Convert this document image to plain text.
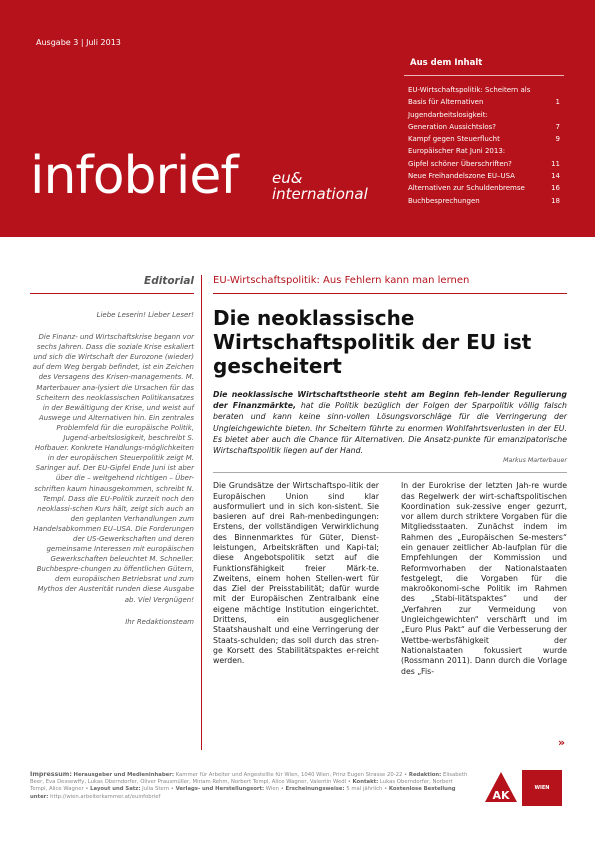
Ausgabe 3 | Juli 2013
infobrief eu&
international
Aus dem Inhalt
EU-Wirtschaftspolitik: Scheitern als
Basis für Alternativen	1
Jugendarbeitslosigkeit:
Generation Aussichtslos?	7
Kampf gegen Steuerflucht	9
Europäischer Rat Juni 2013:
Gipfel schöner Überschriften?	11
Neue Freihandelszone EU–USA	14
Alternativen zur Schuldenbremse	16
Buchbesprechungen	18
Editorial
Liebe Leserin! Lieber Leser!
Die Finanz- und Wirtschaftskrise begann vor sechs Jahren. Dass die soziale Krise eskaliert und sich die Wirtschaft der Eurozone (wieder) auf dem Weg bergab befindet, ist ein Zeichen des Versagens des Krisen-managements. M. Marterbauer ana-lysiert die Ursachen für das Scheitern des neoklassischen Politikansatzes in der Bewältigung der Krise, und weist auf Auswege und Alternativen hin. Ein zentrales Problemfeld für die europäische Politik, Jugend-arbeitslosigkeit, beschreibt S. Hofbauer. Konkrete Handlungs-möglichkeiten in der europäischen Steuerpolitik zeigt M. Saringer auf. Der EU-Gipfel Ende Juni ist aber über die – weitgehend richtigen – Über-schriften kaum hinausgekommen, schreibt N. Templ. Dass die EU-Politik zurzeit noch den neoklassi-schen Kurs hält, zeigt sich auch an den geplanten Verhandlungen zum Handelsabkommen EU–USA. Die Forderungen der US-Gewerkschaften und deren gemeinsame Interessen mit europäischen Gewerkschaften beleuchtet M. Schneller. Buchbespre-chungen zu öffentlichen Gütern, dem europäischen Betriebsrat und zum Mythos der Austerität runden diese Ausgabe ab. Viel Vergnügen!
Ihr Redaktionsteam
EU-Wirtschaftspolitik: Aus Fehlern kann man lernen
Die neoklassische Wirtschaftspolitik der EU ist gescheitert
Die neoklassische Wirtschaftstheorie steht am Beginn feh-lender Regulierung der Finanzmärkte, hat die Politik bezüglich der Folgen der Sparpolitik völlig falsch beraten und kann keine sinn-vollen Lösungsvorschläge für die Verringerung der Ungleichgewichte bieten. Ihr Scheitern führte zu enormen Wohlfahrtsverlusten in der EU. Es bietet aber auch die Chance für Alternativen. Die Ansatz-punkte für emanzipatorische Wirtschaftspolitik liegen auf der Hand.
Markus Marterbauer
Die Grundsätze der Wirtschaftspo-litik der Europäischen Union sind klar ausformuliert und in sich kon-sistent. Sie basieren auf drei Rah-menbedingungen: Erstens, der vollständigen Verwirklichung des Binnenmarktes für Güter, Dienst-leistungen, Arbeitskräften und Kapi-tal; diese Angebotspolitik setzt auf die Funktionsfähigkeit freier Märk-te. Zweitens, einem hohen Stellen-wert für das Ziel der Preisstabilität; dafür wurde mit der Europäischen Zentralbank eine eigene mächtige Institution eingerichtet. Drittens, ein ausgeglichener Staatshaushalt und eine Verringerung der Staats-schulden; das soll durch das stren-ge Korsett des Stabilitätspaktes er-reicht werden.
In der Eurokrise der letzten Jah-re wurde das Regelwerk der wirt-schaftspolitischen Koordination suk-zessive enger gezurrt, vor allem durch striktere Vorgaben für die Mitgliedsstaaten. Zunächst indem im Rahmen des „Europäischen Se-mesters“ ein genauer zeitlicher Ab-laufplan für die Empfehlungen der Kommission und Reformvorhaben der Nationalstaaten festgelegt, die Vorgaben für die makroökonomi-sche Politik im Rahmen des „Stabi-litätspaktes“ und der „Verfahren zur Vermeidung von Ungleichgewichten“ verschärft und im „Euro Plus Pakt“ auf die Verbesserung der Wettbe-werbsfähigkeit der Nationalstaaten fokussiert wurde (Rossmann 2011). Dann durch die Vorlage des „Fis-
»
Impressum: Herausgeber und Medieninhaber: Kammer für Arbeiter und Angestellte für Wien, 1040 Wien, Prinz Eugen Strasse 20-22 • Redaktion: Elisabeth Beer, Eva Dessewffy, Lukas Oberndorfer, Oliver Prausmüller, Miriam Rehm, Norbert Templ, Alice Wagner, Valentin Wedl • Kontakt: Lukas Oberndorfer, Norbert Templ, Alice Wagner • Layout und Satz: Julia Stern • Verlags- und Herstellungsort: Wien • Erscheinungsweise: 5 mal jährlich • Kostenlose Bestellung unter: http://wien.arbeiterkammer.at/euinfobrief	AK
WIEN
